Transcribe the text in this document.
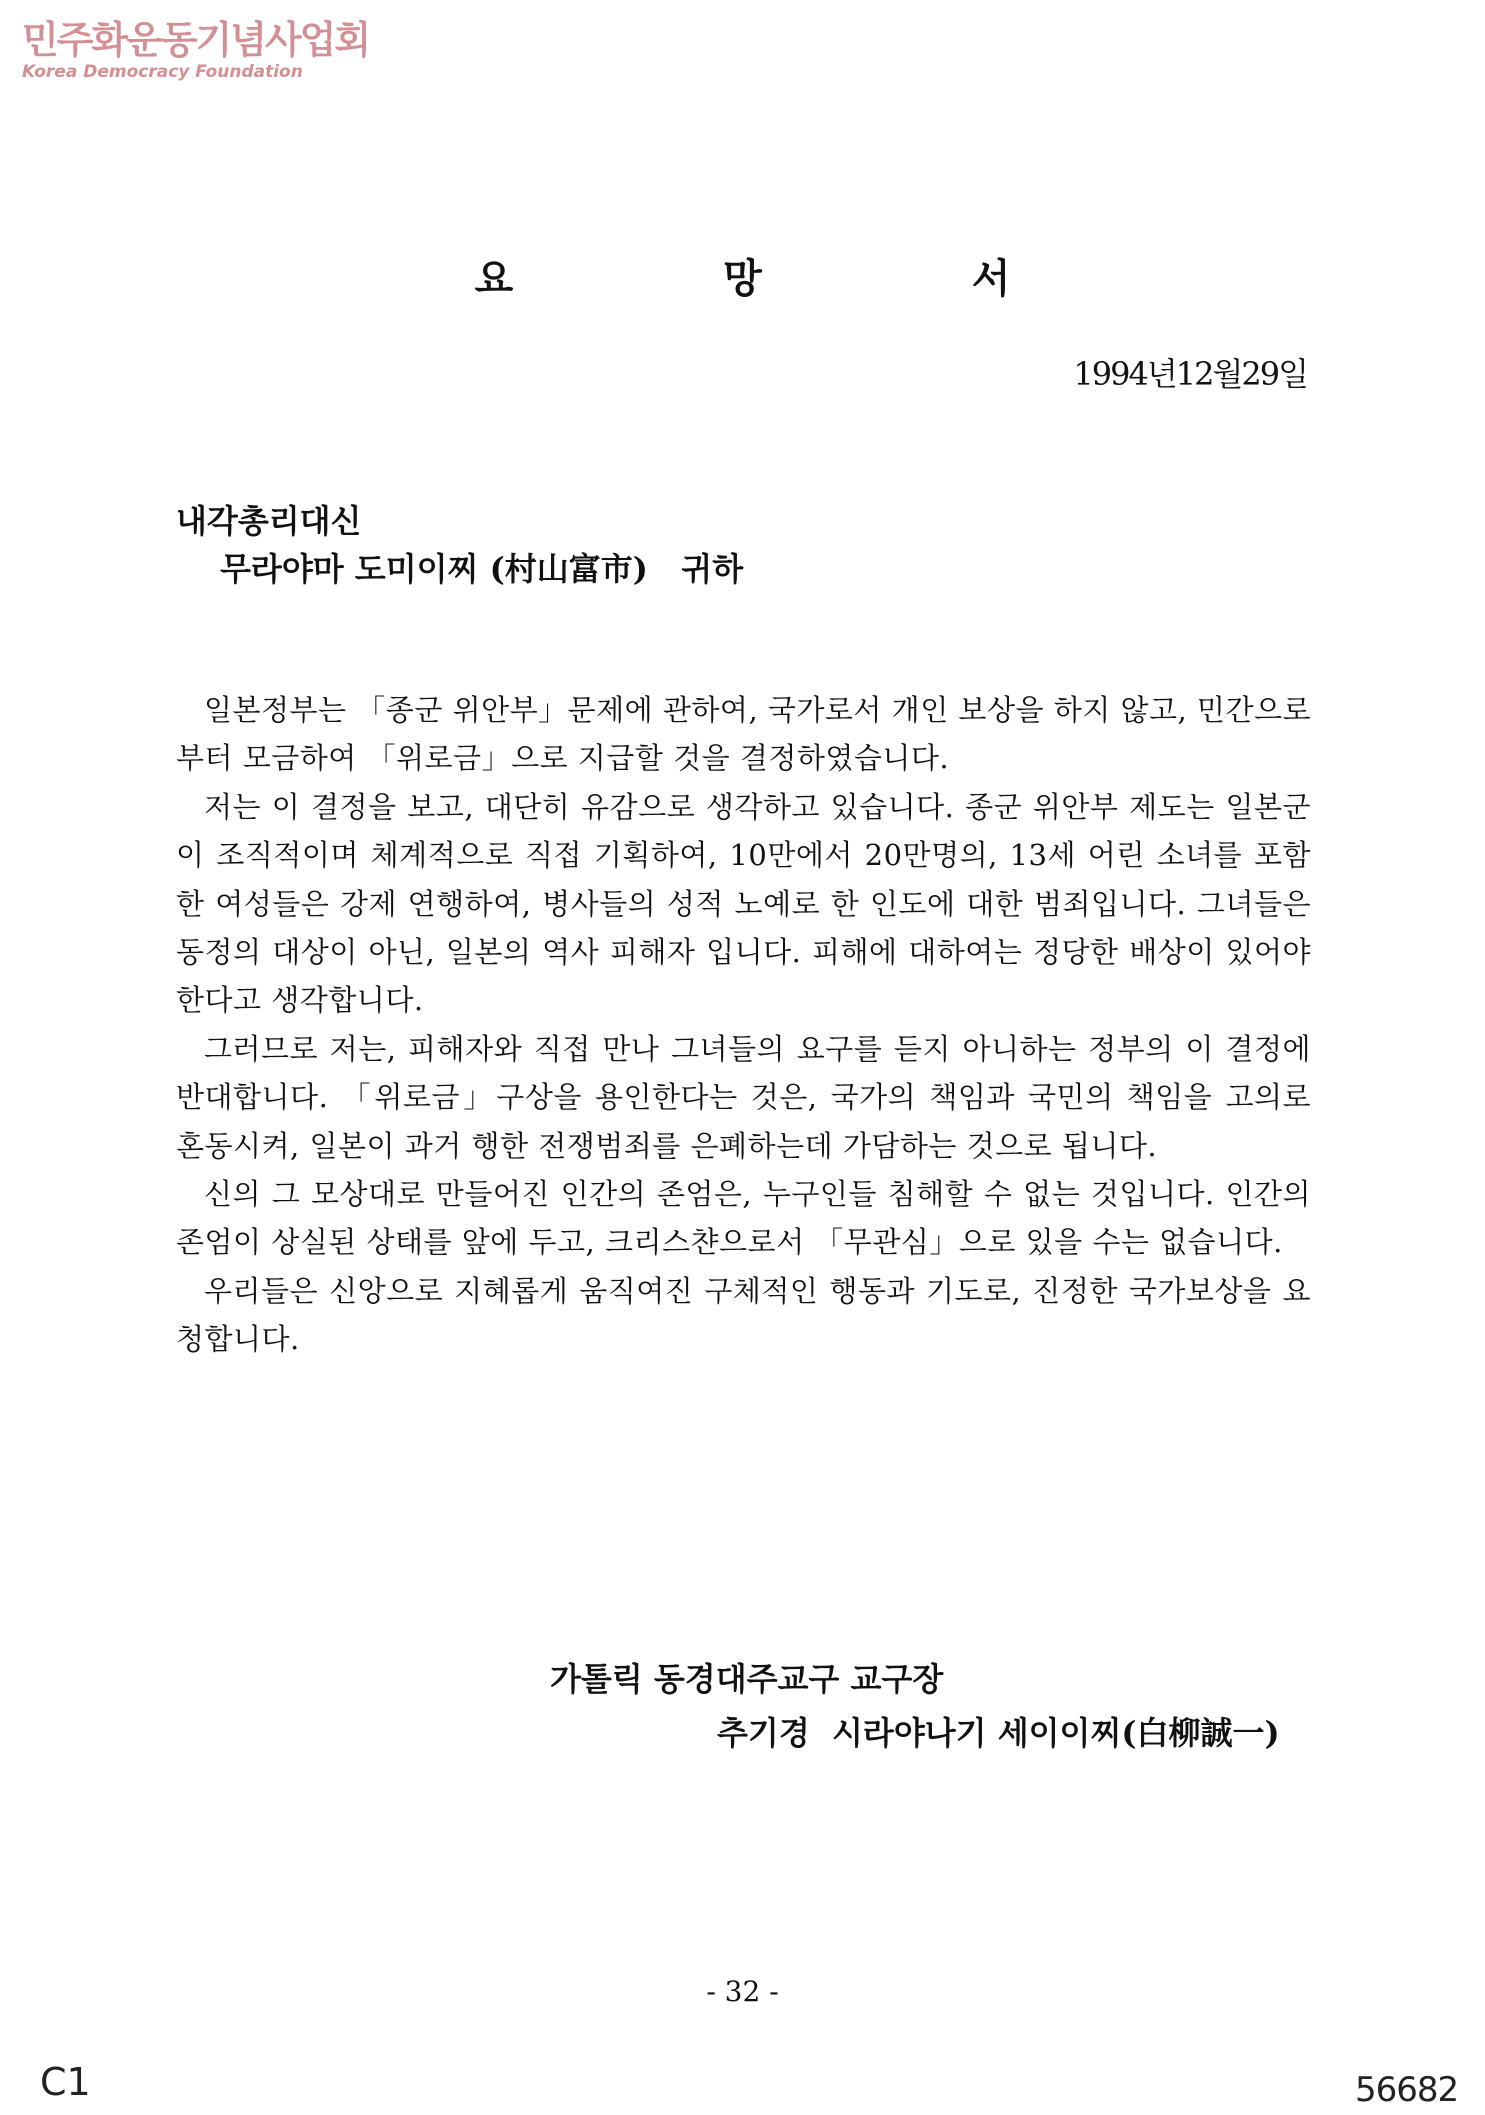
민주화운동기념사업회
Korea Democracy Foundation
요 망 서
1994년12월29일
내각총리대신
무라야마 도미이찌 (村山富市)   귀하

일본정부는 「종군 위안부」문제에 관하여, 국가로서 개인 보상을 하지 않고, 민간으로부터 모금하여 「위로금」으로 지급할 것을 결정하였습니다.

저는 이 결정을 보고, 대단히 유감으로 생각하고 있습니다. 종군 위안부 제도는 일본군이 조직적이며 체계적으로 직접 기획하여, 10만에서 20만명의, 13세 어린 소녀를 포함한 여성들은 강제 연행하여, 병사들의 성적 노예로 한 인도에 대한 범죄입니다. 그녀들은 동정의 대상이 아닌, 일본의 역사 피해자 입니다. 피해에 대하여는 정당한 배상이 있어야 한다고 생각합니다.

그러므로 저는, 피해자와 직접 만나 그녀들의 요구를 듣지 아니하는 정부의 이 결정에 반대합니다. 「위로금」구상을 용인한다는 것은, 국가의 책임과 국민의 책임을 고의로 혼동시켜, 일본이 과거 행한 전쟁범죄를 은폐하는데 가담하는 것으로 됩니다.

신의 그 모상대로 만들어진 인간의 존엄은, 누구인들 침해할 수 없는 것입니다. 인간의 존엄이 상실된 상태를 앞에 두고, 크리스챤으로서 「무관심」으로 있을 수는 없습니다.

우리들은 신앙으로 지혜롭게 움직여진 구체적인 행동과 기도로, 진정한 국가보상을 요청합니다.

가톨릭 동경대주교구 교구장
추기경  시라야나기 세이이찌(白柳誠一)
- 32 -
C1	56682
